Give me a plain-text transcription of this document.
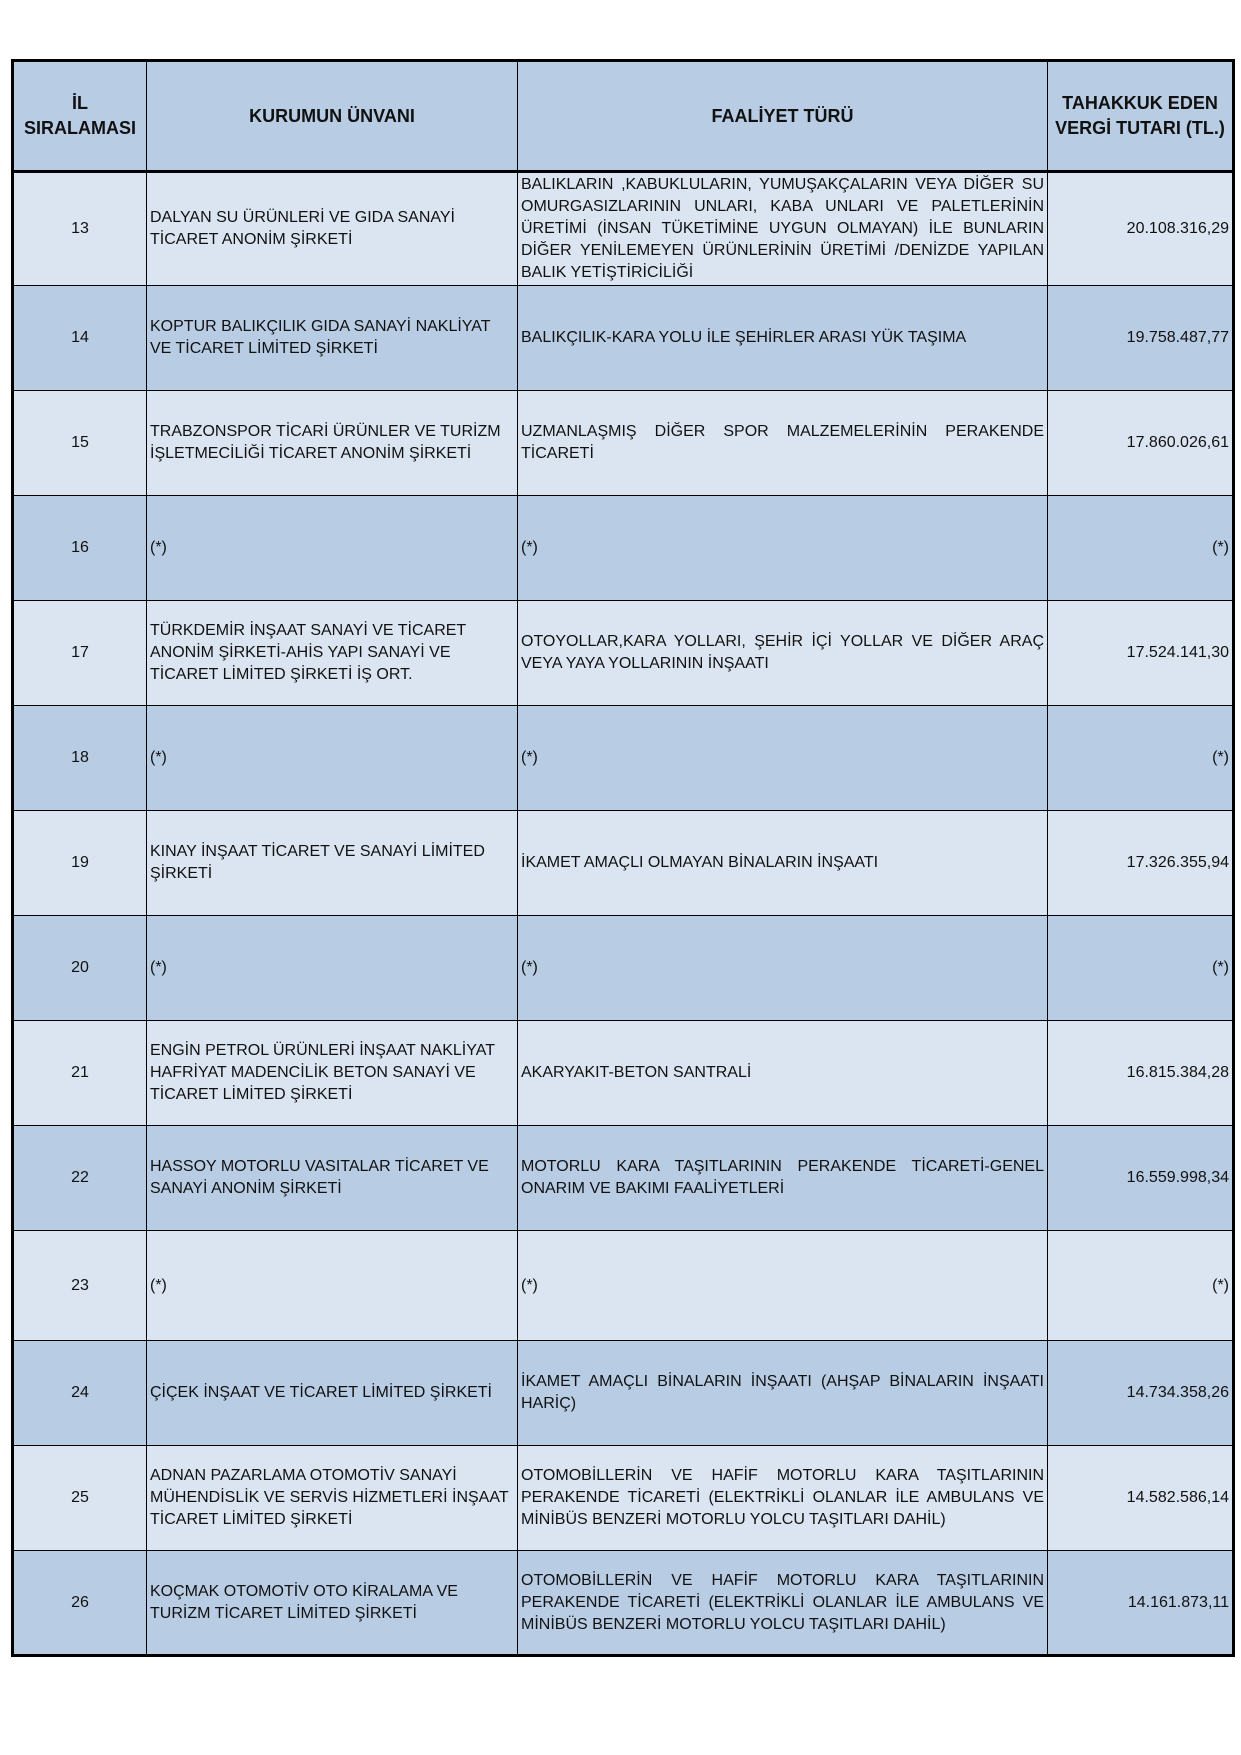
İL SIRALAMASI	KURUMUN ÜNVANI	FAALİYET TÜRÜ	TAHAKKUK EDEN VERGİ TUTARI (TL.)
13	DALYAN SU ÜRÜNLERİ VE GIDA SANAYİ TİCARET ANONİM ŞİRKETİ	BALIKLARIN ,KABUKLULARIN, YUMUŞAKÇALARIN VEYA DİĞER SU OMURGASIZLARININ UNLARI, KABA UNLARI VE PALETLERİNİN ÜRETİMİ (İNSAN TÜKETİMİNE UYGUN OLMAYAN) İLE BUNLARIN DİĞER YENİLEMEYEN ÜRÜNLERİNİN ÜRETİMİ /DENİZDE YAPILAN BALIK YETİŞTİRİCİLİĞİ	20.108.316,29
14	KOPTUR BALIKÇILIK GIDA SANAYİ NAKLİYAT VE TİCARET LİMİTED ŞİRKETİ	BALIKÇILIK-KARA YOLU İLE ŞEHİRLER ARASI YÜK TAŞIMA	19.758.487,77
15	TRABZONSPOR TİCARİ ÜRÜNLER VE TURİZM İŞLETMECİLİĞİ TİCARET ANONİM ŞİRKETİ	UZMANLAŞMIŞ DİĞER SPOR MALZEMELERİNİN PERAKENDE TİCARETİ	17.860.026,61
16	(*)	(*)	(*)
17	TÜRKDEMİR İNŞAAT SANAYİ VE TİCARET ANONİM ŞİRKETİ-AHİS YAPI SANAYİ VE TİCARET LİMİTED ŞİRKETİ İŞ ORT.	OTOYOLLAR,KARA YOLLARI, ŞEHİR İÇİ YOLLAR VE DİĞER ARAÇ VEYA YAYA YOLLARININ İNŞAATI	17.524.141,30
18	(*)	(*)	(*)
19	KINAY İNŞAAT TİCARET VE SANAYİ LİMİTED ŞİRKETİ	İKAMET AMAÇLI OLMAYAN BİNALARIN İNŞAATI	17.326.355,94
20	(*)	(*)	(*)
21	ENGİN PETROL ÜRÜNLERİ İNŞAAT NAKLİYAT HAFRİYAT MADENCİLİK BETON SANAYİ VE TİCARET LİMİTED ŞİRKETİ	AKARYAKIT-BETON SANTRALİ	16.815.384,28
22	HASSOY MOTORLU VASITALAR TİCARET VE SANAYİ ANONİM ŞİRKETİ	MOTORLU KARA TAŞITLARININ PERAKENDE TİCARETİ-GENEL ONARIM VE BAKIMI FAALİYETLERİ	16.559.998,34
23	(*)	(*)	(*)
24	ÇİÇEK İNŞAAT VE TİCARET LİMİTED ŞİRKETİ	İKAMET AMAÇLI BİNALARIN İNŞAATI (AHŞAP BİNALARIN İNŞAATI HARİÇ)	14.734.358,26
25	ADNAN PAZARLAMA OTOMOTİV SANAYİ MÜHENDİSLİK VE SERVİS HİZMETLERİ İNŞAAT TİCARET LİMİTED ŞİRKETİ	OTOMOBİLLERİN VE HAFİF MOTORLU KARA TAŞITLARININ PERAKENDE TİCARETİ (ELEKTRİKLİ OLANLAR İLE AMBULANS VE MİNİBÜS BENZERİ MOTORLU YOLCU TAŞITLARI DAHİL)	14.582.586,14
26	KOÇMAK OTOMOTİV OTO KİRALAMA VE TURİZM TİCARET LİMİTED ŞİRKETİ	OTOMOBİLLERİN VE HAFİF MOTORLU KARA TAŞITLARININ PERAKENDE TİCARETİ (ELEKTRİKLİ OLANLAR İLE AMBULANS VE MİNİBÜS BENZERİ MOTORLU YOLCU TAŞITLARI DAHİL)	14.161.873,11
